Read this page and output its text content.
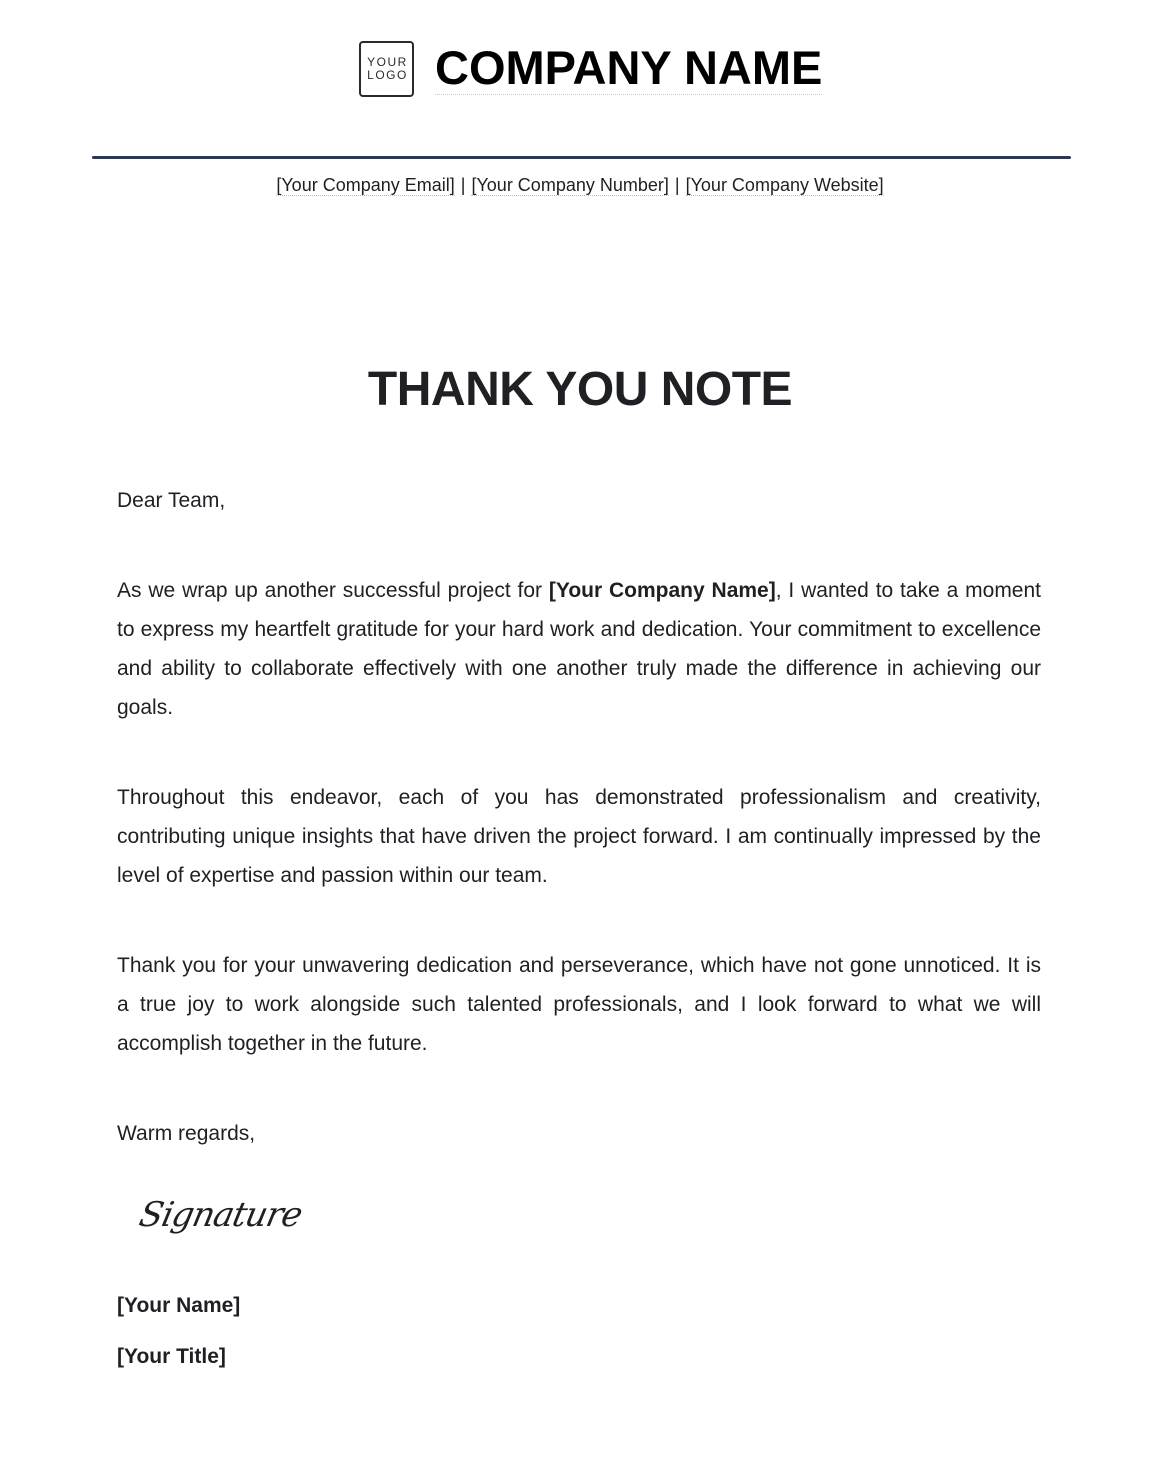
YOUR
LOGO COMPANY NAME
[Your Company Email] | [Your Company Number] | [Your Company Website]
THANK YOU NOTE

Dear Team,

As we wrap up another successful project for [Your Company Name], I wanted to take a moment to express my heartfelt gratitude for your hard work and dedication. Your commitment to excellence and ability to collaborate effectively with one another truly made the difference in achieving our goals.

Throughout this endeavor, each of you has demonstrated professionalism and creativity, contributing unique insights that have driven the project forward. I am continually impressed by the level of expertise and passion within our team.

Thank you for your unwavering dedication and perseverance, which have not gone unnoticed. It is a true joy to work alongside such talented professionals, and I look forward to what we will accomplish together in the future.

Warm regards,

Signature
[Your Name]
[Your Title]
